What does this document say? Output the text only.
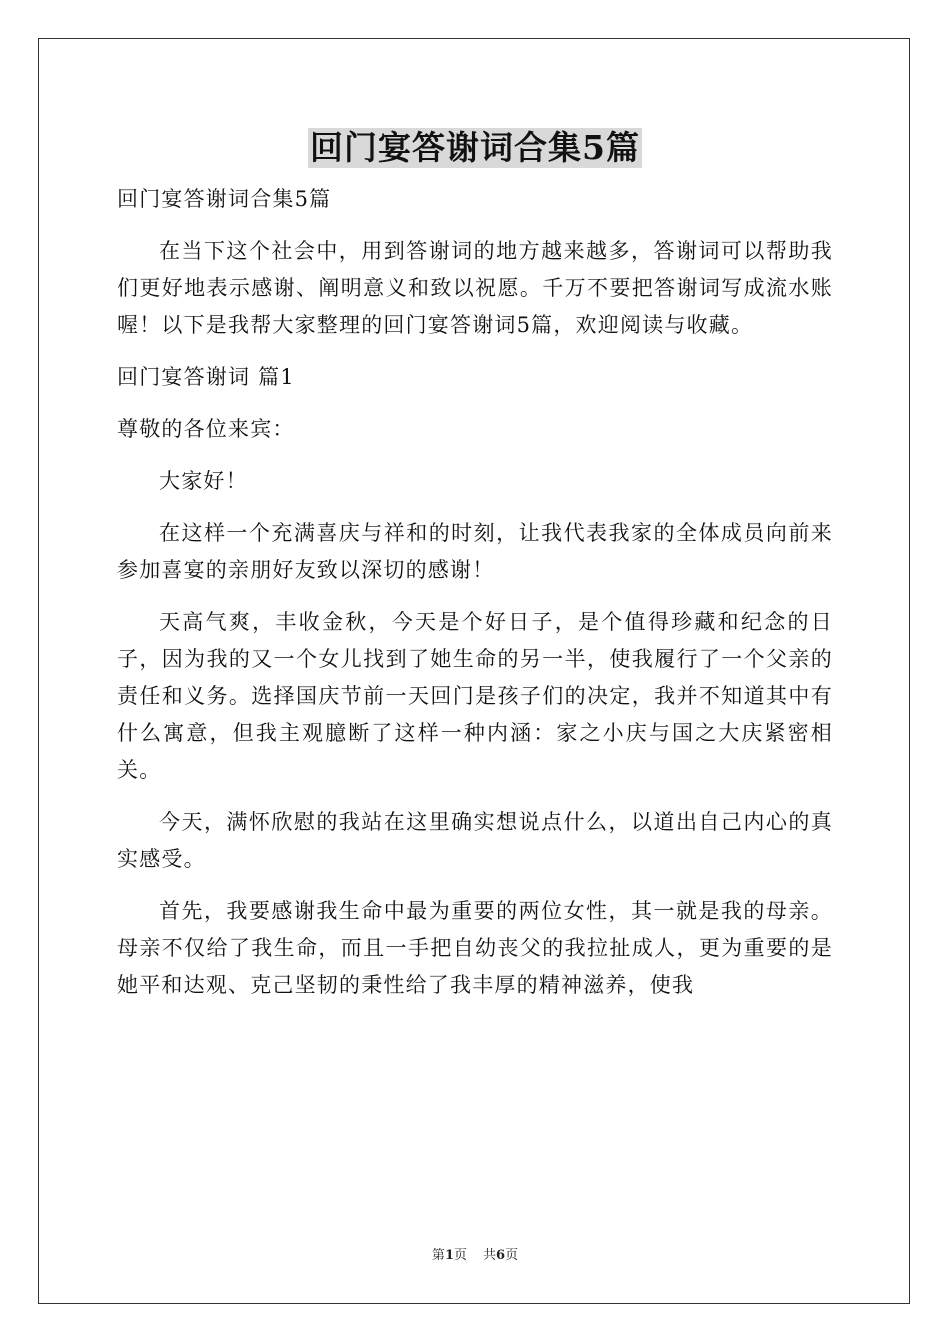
回门宴答谢词合集5篇

回门宴答谢词合集5篇

在当下这个社会中，用到答谢词的地方越来越多，答谢词可以帮助我们更好地表示感谢、阐明意义和致以祝愿。千万不要把答谢词写成流水账喔！以下是我帮大家整理的回门宴答谢词5篇，欢迎阅读与收藏。

回门宴答谢词 篇1

尊敬的各位来宾：

大家好！

在这样一个充满喜庆与祥和的时刻，让我代表我家的全体成员向前来参加喜宴的亲朋好友致以深切的感谢！

天高气爽，丰收金秋，今天是个好日子，是个值得珍藏和纪念的日子，因为我的又一个女儿找到了她生命的另一半，使我履行了一个父亲的责任和义务。选择国庆节前一天回门是孩子们的决定，我并不知道其中有什么寓意，但我主观臆断了这样一种内涵：家之小庆与国之大庆紧密相关。

今天，满怀欣慰的我站在这里确实想说点什么，以道出自己内心的真实感受。

首先，我要感谢我生命中最为重要的两位女性，其一就是我的母亲。母亲不仅给了我生命，而且一手把自幼丧父的我拉扯成人，更为重要的是她平和达观、克己坚韧的秉性给了我丰厚的精神滋养，使我

第1页 共6页
